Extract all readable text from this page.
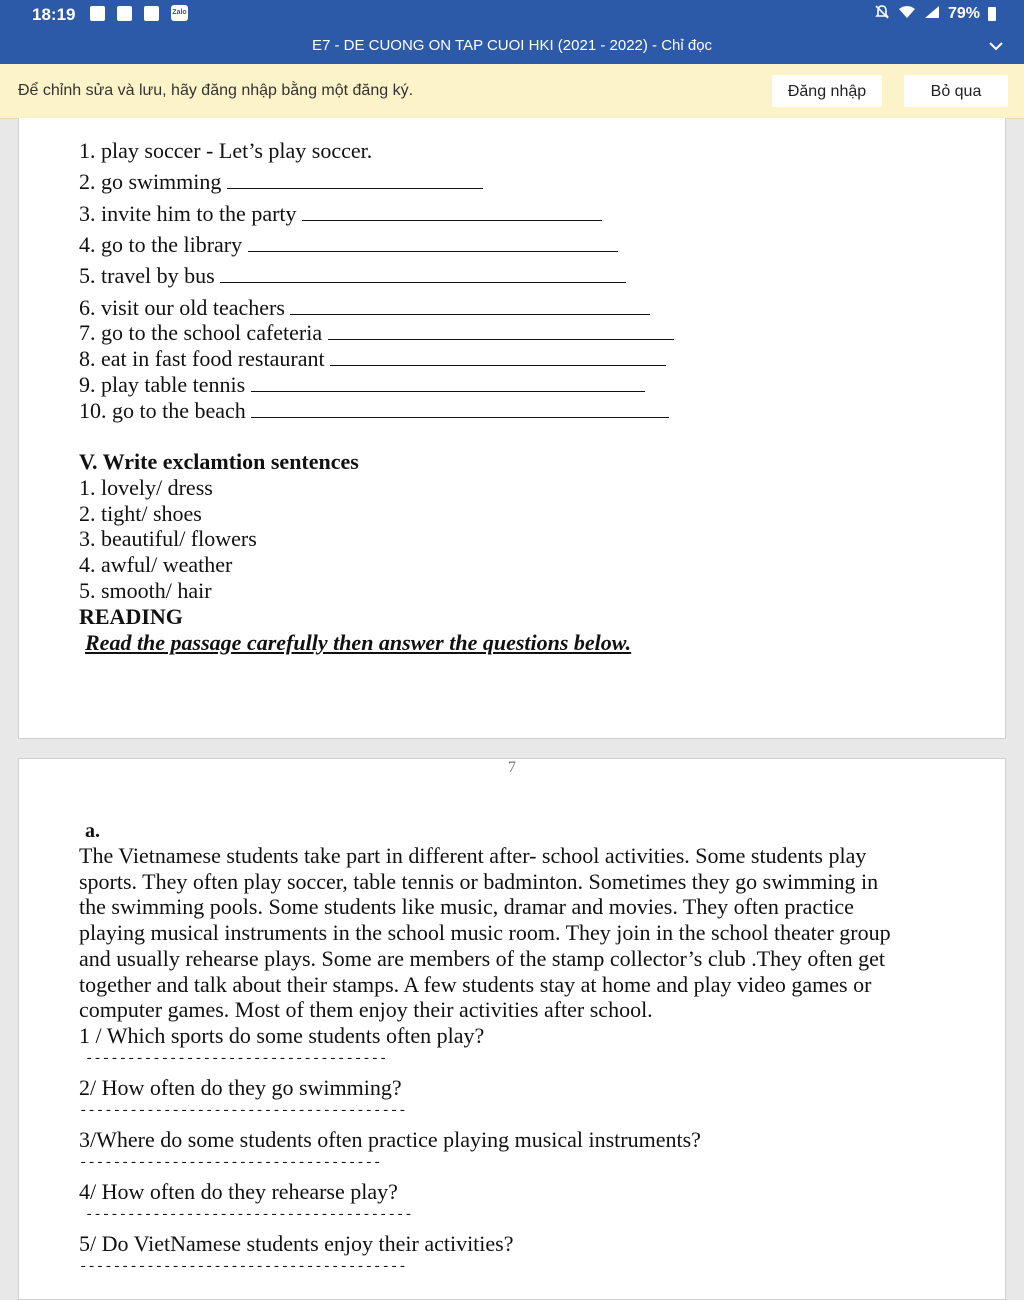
18:19	Zalo	79%
E7 - DE CUONG ON TAP CUOI HKI (2021 - 2022) - Chỉ đọc
Để chỉnh sửa và lưu, hãy đăng nhập bằng một đăng ký.	Đăng nhập	Bỏ qua
1. play soccer - Let’s play soccer.
2. go swimming
3. invite him to the party
4. go to the library
5. travel by bus
6. visit our old teachers
7. go to the school cafeteria
8. eat in fast food restaurant
9. play table tennis
10. go to the beach
V. Write exclamtion sentences
1. lovely/ dress
2. tight/ shoes
3. beautiful/ flowers
4. awful/ weather
5. smooth/ hair
READING
Read the passage carefully then answer the questions below.
7
a.
The Vietnamese students take part in different after- school activities. Some students play
sports. They often play soccer, table tennis or badminton. Sometimes they go swimming in
the swimming pools. Some students like music, dramar and movies. They often practice
playing musical instruments in the school music room. They join in the school theater group
and usually rehearse plays. Some are members of the stamp collector’s club .They often get
together and talk about their stamps. A few students stay at home and play video games or
computer games. Most of them enjoy their activities after school.
1 / Which sports do some students often play?
------------------------------------
2/ How often do they go swimming?
---------------------------------------
3/Where do some students often practice playing musical instruments?
------------------------------------
4/ How often do they rehearse play?
---------------------------------------
5/ Do VietNamese students enjoy their activities?
---------------------------------------
